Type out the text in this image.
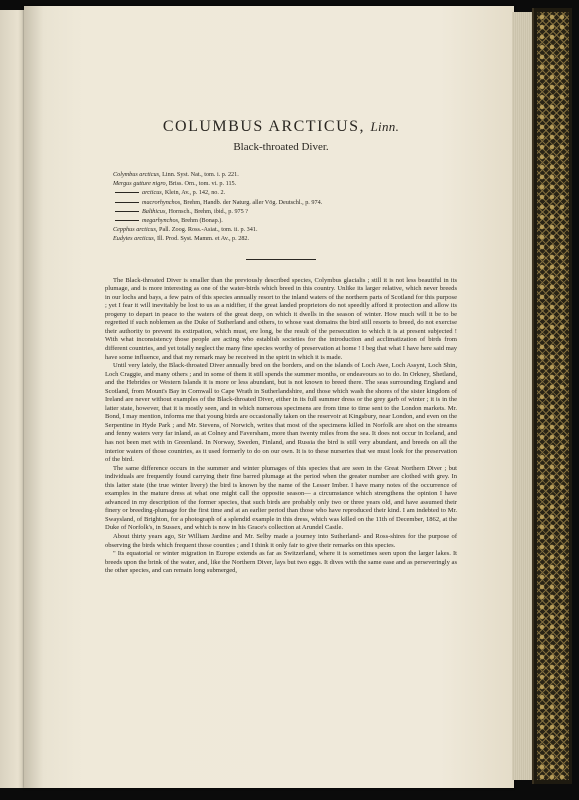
COLUMBUS ARCTICUS, Linn.
Black-throated Diver.
Colymbus arcticus, Linn. Syst. Nat., tom. i. p. 221.
Mergus gutture nigro, Briss. Orn., tom. vi. p. 115.
arcticus, Klein, Av., p. 142, no. 2.
macrorhynchos, Brehm, Handb. der Naturg. aller Vög. Deutschl., p. 974.
Balthicus, Hornsch., Brehm, ibid., p. 975 ?
megarhynchos, Brehm (Bonap.).
Cepphus arcticus, Pall. Zoog. Ross.-Asiat., tom. ii. p. 341.
Eudytes arcticus, Ill. Prod. Syst. Mamm. et Av., p. 282.

The Black-throated Diver is smaller than the previously described species, Colymbus glacialis ; still it is not less beautiful in its plumage, and is more interesting as one of the water-birds which breed in this country. Unlike its larger relative, which never breeds in our lochs and bays, a few pairs of this species annually resort to the inland waters of the northern parts of Scotland for this purpose ; yet I fear it will inevitably be lost to us as a nidifier, if the great landed proprietors do not speedily afford it protection and allow its progeny to depart in peace to the waters of the great deep, on which it dwells in the season of winter. How much will it be to be regretted if such noblemen as the Duke of Sutherland and others, to whose vast domains the bird still resorts to breed, do not exercise their authority to prevent its extirpation, which must, ere long, be the result of the persecution to which it is at present subjected ! With what inconsistency those people are acting who establish societies for the introduction and acclimatization of birds from different countries, and yet totally neglect the many fine species worthy of preservation at home ! I beg that what I have here said may have some influence, and that my remark may be received in the spirit in which it is made.

Until very lately, the Black-throated Diver annually bred on the borders, and on the islands of Loch Awe, Loch Assynt, Loch Shin, Loch Craggie, and many others ; and in some of them it still spends the summer months, or endeavours so to do. In Orkney, Shetland, and the Hebrides or Western Islands it is more or less abundant, but is not known to breed there. The seas surrounding England and Scotland, from Mount's Bay in Cornwall to Cape Wrath in Sutherlandshire, and those which wash the shores of the sister kingdom of Ireland are never without examples of the Black-throated Diver, either in its full summer dress or the grey garb of winter ; it is in the latter state, however, that it is mostly seen, and in which numerous specimens are from time to time sent to the London markets. Mr. Bond, I may mention, informs me that young birds are occasionally taken on the reservoir at Kingsbury, near London, and even on the Serpentine in Hyde Park ; and Mr. Stevens, of Norwich, writes that most of the specimens killed in Norfolk are shot on the streams and fenny waters very far inland, as at Colney and Faversham, more than twenty miles from the sea. It does not occur in Iceland, and has not been met with in Greenland. In Norway, Sweden, Finland, and Russia the bird is still very abundant, and breeds on all the interior waters of those countries, as it used formerly to do on our own. It is to these nurseries that we must look for the preservation of the bird.

The same difference occurs in the summer and winter plumages of this species that are seen in the Great Northern Diver ; but individuals are frequently found carrying their fine barred plumage at the period when the greater number are clothed with grey. In this latter state (the true winter livery) the bird is known by the name of the Lesser Imber. I have many notes of the occurrence of examples in the mature dress at what one might call the opposite season— a circumstance which strengthens the opinion I have advanced in my description of the former species, that such birds are probably only two or three years old, and have assumed their finery or breeding-plumage for the first time and at an earlier period than those who have reproduced their kind. I am indebted to Mr. Swaysland, of Brighton, for a photograph of a splendid example in this dress, which was killed on the 11th of December, 1862, at the Duke of Norfolk's, in Sussex, and which is now in his Grace's collection at Arundel Castle.

About thirty years ago, Sir William Jardine and Mr. Selby made a journey into Sutherland- and Ross-shires for the purpose of observing the birds which frequent those counties ; and I think it only fair to give their remarks on this species.

" Its equatorial or winter migration in Europe extends as far as Switzerland, where it is sometimes seen upon the larger lakes. It breeds upon the brink of the water, and, like the Northern Diver, lays but two eggs. It dives with the same ease and as perseveringly as the other species, and can remain long submerged,
